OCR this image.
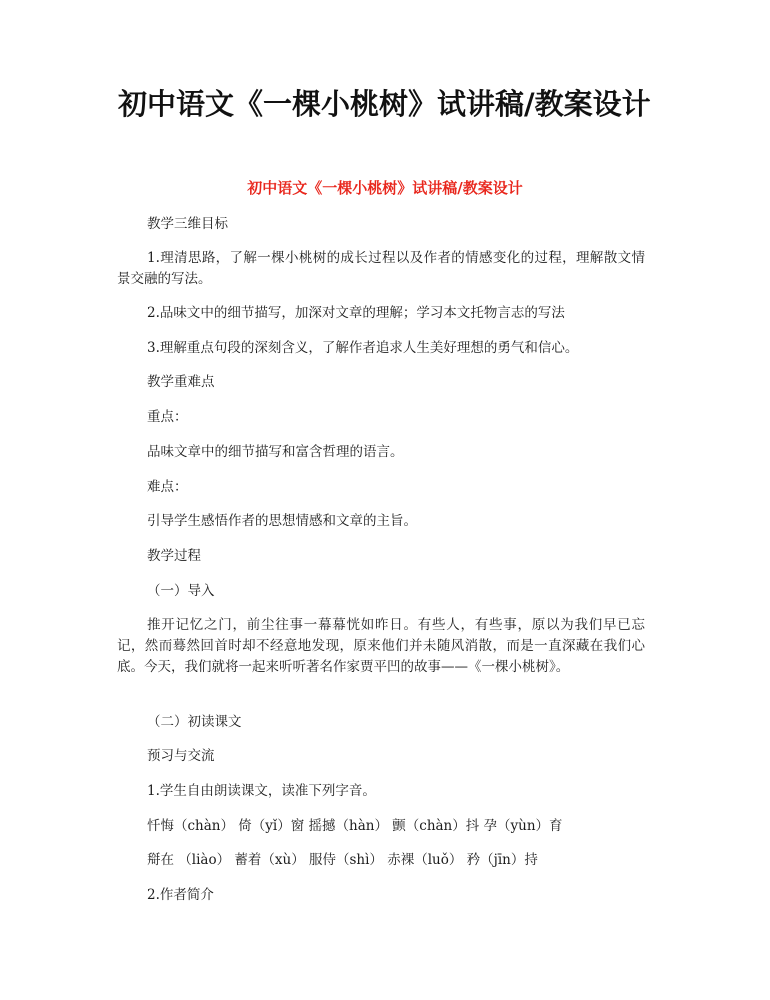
初中语文《一棵小桃树》试讲稿/教案设计
初中语文《一棵小桃树》试讲稿/教案设计

教学三维目标

1.理清思路，了解一棵小桃树的成长过程以及作者的情感变化的过程，理解散文情景交融的写法。

2.品味文中的细节描写，加深对文章的理解；学习本文托物言志的写法

3.理解重点句段的深刻含义，了解作者追求人生美好理想的勇气和信心。

教学重难点

重点：

品味文章中的细节描写和富含哲理的语言。

难点：

引导学生感悟作者的思想情感和文章的主旨。

教学过程

（一）导入

推开记忆之门，前尘往事一幕幕恍如昨日。有些人，有些事，原以为我们早已忘记，然而蓦然回首时却不经意地发现，原来他们并未随风消散，而是一直深藏在我们心底。今天，我们就将一起来听听著名作家贾平凹的故事——《一棵小桃树》。

（二）初读课文

预习与交流

1.学生自由朗读课文，读准下列字音。

忏悔（chàn） 倚（yǐ）窗 摇撼（hàn） 颤（chàn）抖 孕（yùn）育

搿在 （liào） 蓄着（xù） 服侍（shì） 赤裸（luǒ） 矜（jīn）持

2.作者简介
